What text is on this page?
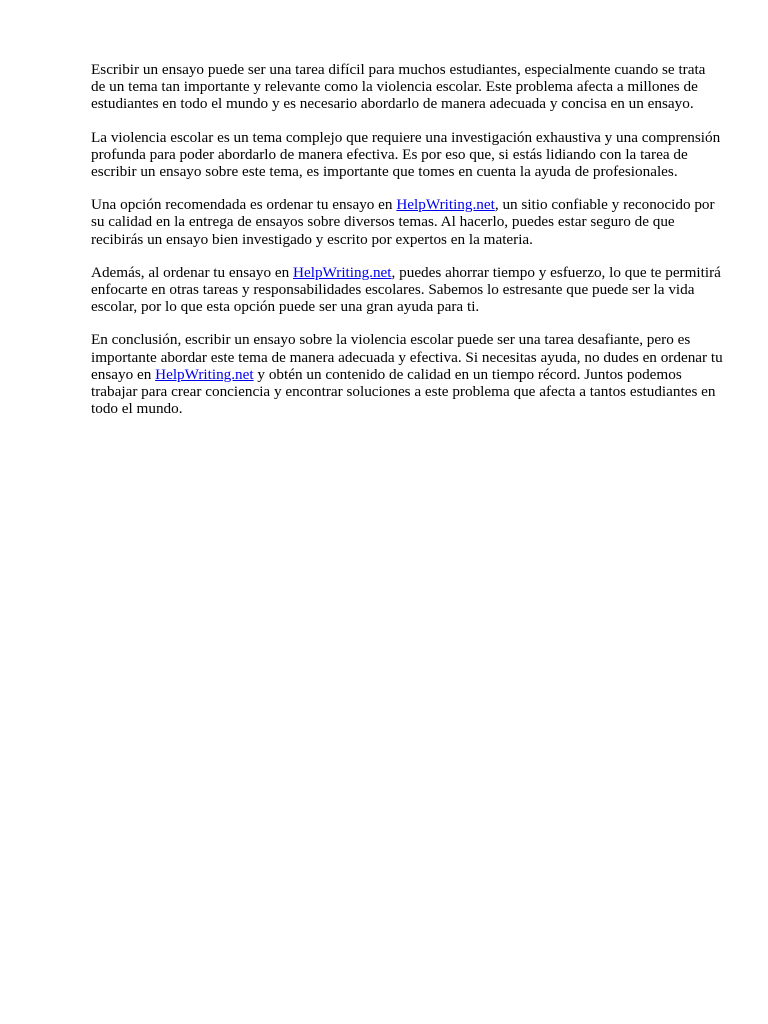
Escribir un ensayo puede ser una tarea difícil para muchos estudiantes, especialmente cuando se trata de un tema tan importante y relevante como la violencia escolar. Este problema afecta a millones de estudiantes en todo el mundo y es necesario abordarlo de manera adecuada y concisa en un ensayo.

La violencia escolar es un tema complejo que requiere una investigación exhaustiva y una comprensión profunda para poder abordarlo de manera efectiva. Es por eso que, si estás lidiando con la tarea de escribir un ensayo sobre este tema, es importante que tomes en cuenta la ayuda de profesionales.

Una opción recomendada es ordenar tu ensayo en HelpWriting.net, un sitio confiable y reconocido por su calidad en la entrega de ensayos sobre diversos temas. Al hacerlo, puedes estar seguro de que recibirás un ensayo bien investigado y escrito por expertos en la materia.

Además, al ordenar tu ensayo en HelpWriting.net, puedes ahorrar tiempo y esfuerzo, lo que te permitirá enfocarte en otras tareas y responsabilidades escolares. Sabemos lo estresante que puede ser la vida escolar, por lo que esta opción puede ser una gran ayuda para ti.

En conclusión, escribir un ensayo sobre la violencia escolar puede ser una tarea desafiante, pero es importante abordar este tema de manera adecuada y efectiva. Si necesitas ayuda, no dudes en ordenar tu ensayo en HelpWriting.net y obtén un contenido de calidad en un tiempo récord. Juntos podemos trabajar para crear conciencia y encontrar soluciones a este problema que afecta a tantos estudiantes en todo el mundo.
